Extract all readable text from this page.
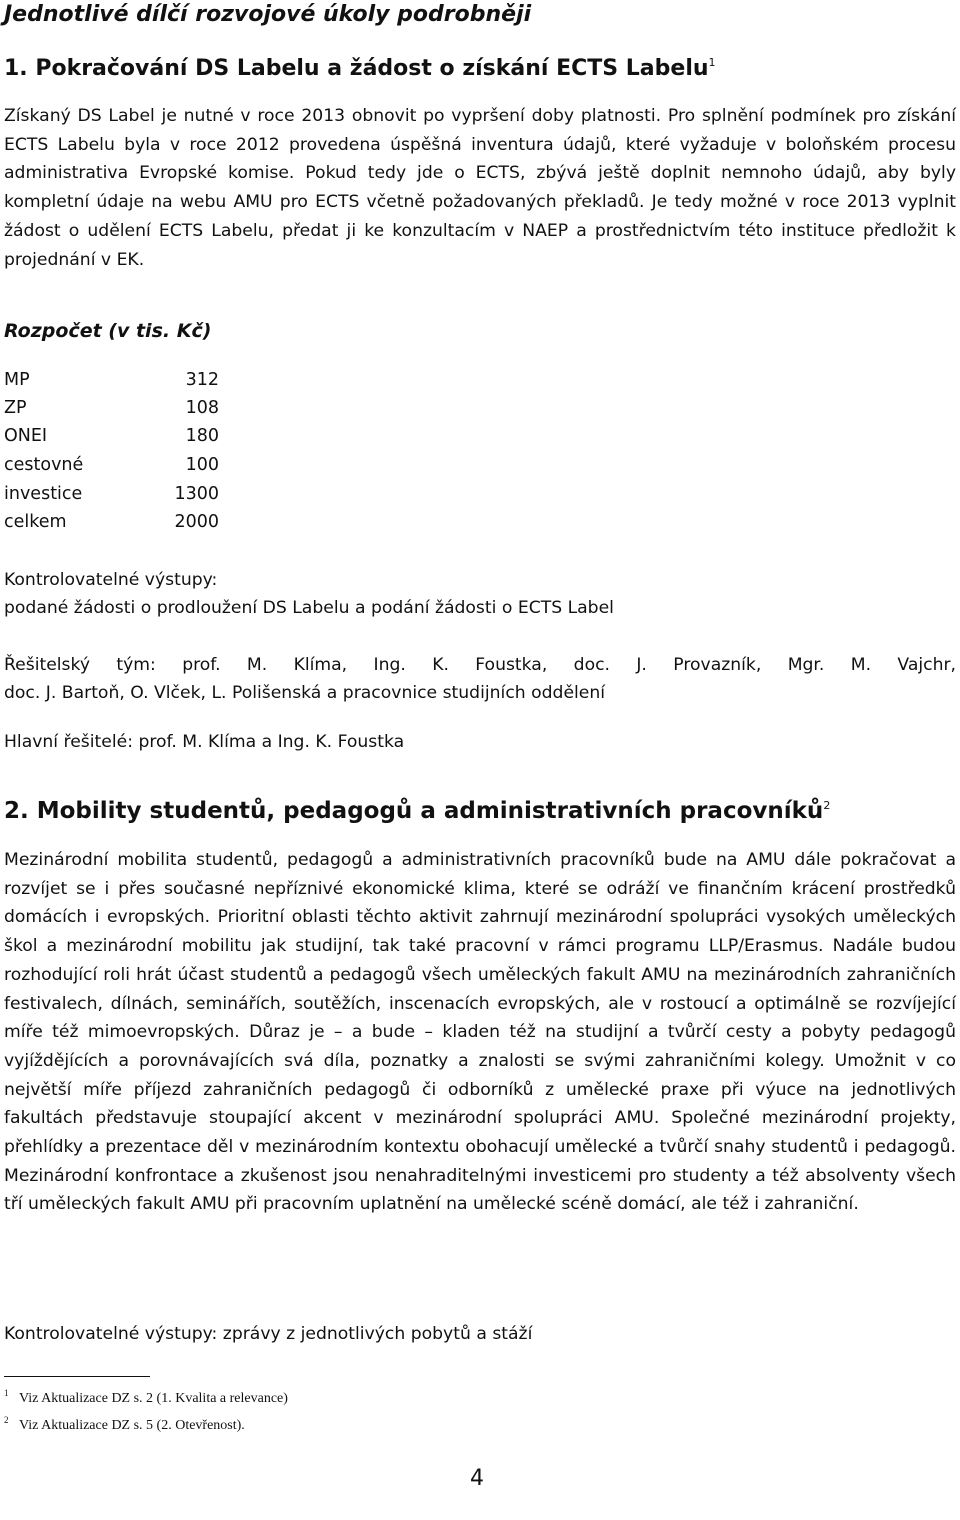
Jednotlivé dílčí rozvojové úkoly podrobněji
1. Pokračování DS Labelu a žádost o získání ECTS Labelu$^1$
Získaný DS Label je nutné v roce 2013 obnovit po vypršení doby platnosti. Pro splnění podmínek pro získání ECTS Labelu byla v roce 2012 provedena úspěšná inventura údajů, které vyžaduje v boloňském procesu administrativa Evropské komise. Pokud tedy jde o ECTS, zbývá ještě doplnit nemnoho údajů, aby byly kompletní údaje na webu AMU pro ECTS včetně požadovaných překladů. Je tedy možné v roce 2013 vyplnit žádost o udělení ECTS Labelu, předat ji ke konzultacím v NAEP a prostřednictvím této instituce předložit k projednání v EK.
Rozpočet (v tis. Kč)
MP	312
ZP	108
ONEI	180
cestovné	100
investice	1300
celkem	2000
Kontrolovatelné výstupy:
podané žádosti o prodloužení DS Labelu a podání žádosti o ECTS Label
Řešitelský tým: prof. M. Klíma, Ing. K. Foustka, doc. J. Provazník, Mgr. M. Vajchr,
doc. J. Bartoň, O. Vlček, L. Polišenská a pracovnice studijních oddělení
Hlavní řešitelé: prof. M. Klíma a Ing. K. Foustka
2. Mobility studentů, pedagogů a administrativních pracovníků$^2$
Mezinárodní mobilita studentů, pedagogů a administrativních pracovníků bude na AMU dále pokračovat a rozvíjet se i přes současné nepříznivé ekonomické klima, které se odráží ve finančním krácení prostředků domácích i evropských. Prioritní oblasti těchto aktivit zahrnují mezinárodní spolupráci vysokých uměleckých škol a mezinárodní mobilitu jak studijní, tak také pracovní v rámci programu LLP/Erasmus. Nadále budou rozhodující roli hrát účast studentů a pedagogů všech uměleckých fakult AMU na mezinárodních zahraničních festivalech, dílnách, seminářích, soutěžích, inscenacích evropských, ale v rostoucí a optimálně se rozvíjející míře též mimoevropských. Důraz je – a bude – kladen též na studijní a tvůrčí cesty a pobyty pedagogů vyjíždějících a porovnávajících svá díla, poznatky a znalosti se svými zahraničními kolegy. Umožnit v co největší míře příjezd zahraničních pedagogů či odborníků z umělecké praxe při výuce na jednotlivých fakultách představuje stoupající akcent v mezinárodní spolupráci AMU. Společné mezinárodní projekty, přehlídky a prezentace děl v mezinárodním kontextu obohacují umělecké a tvůrčí snahy studentů i pedagogů. Mezinárodní konfrontace a zkušenost jsou nenahraditelnými investicemi pro studenty a též absolventy všech tří uměleckých fakult AMU při pracovním uplatnění na umělecké scéně domácí, ale též i zahraniční.
Kontrolovatelné výstupy: zprávy z jednotlivých pobytů a stáží
$^1$ Viz Aktualizace DZ s. 2 (1. Kvalita a relevance)
$^2$ Viz Aktualizace DZ s. 5 (2. Otevřenost).
4
